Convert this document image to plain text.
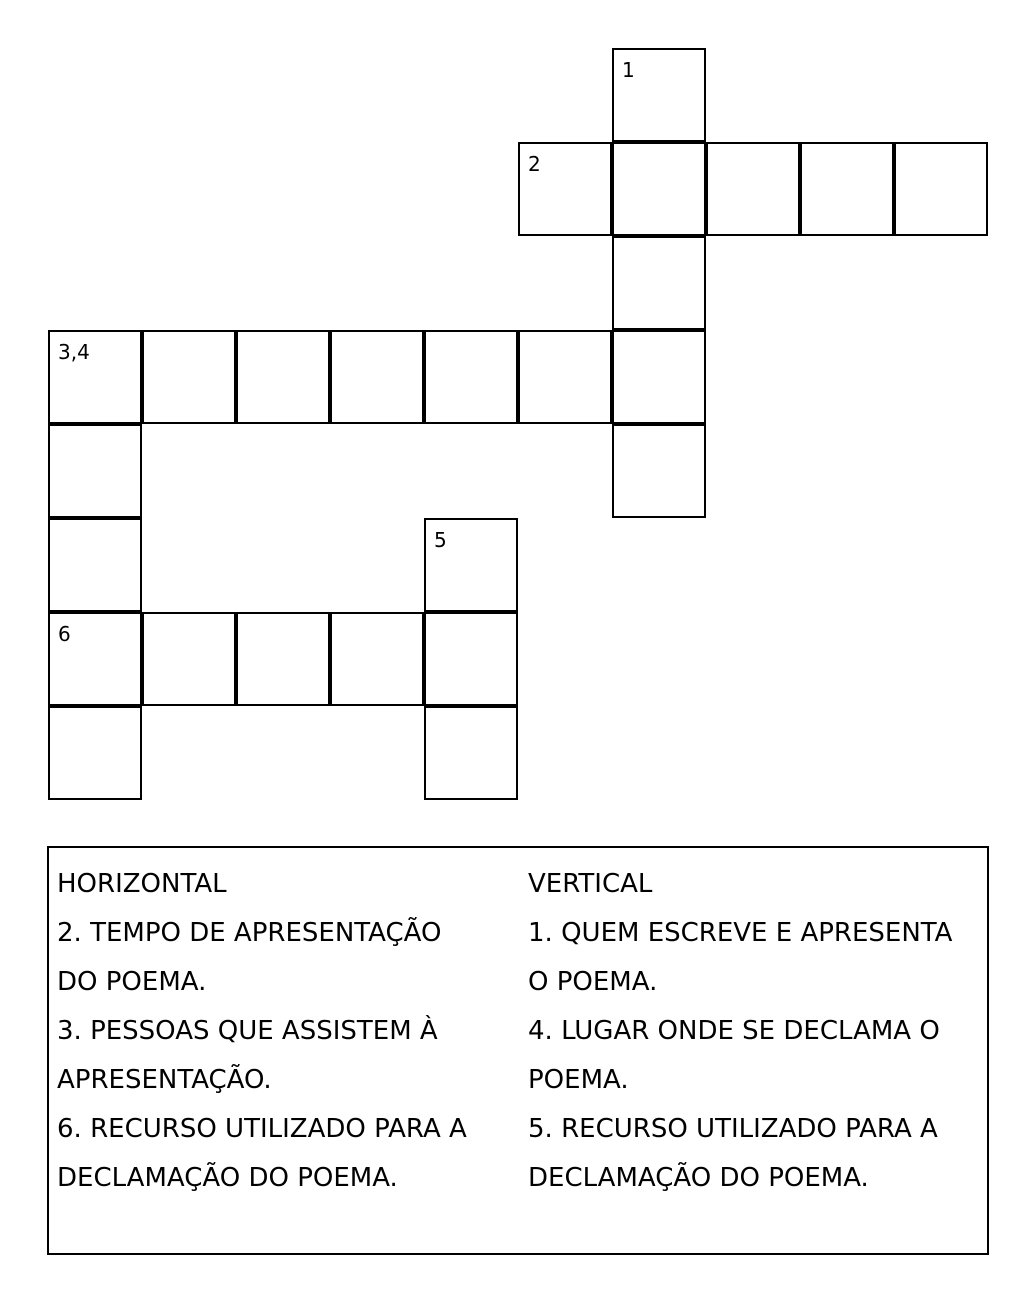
1
2
3,4
5
6
HORIZONTAL
2. TEMPO DE APRESENTAÇÃO
DO POEMA.
3. PESSOAS QUE ASSISTEM À
APRESENTAÇÃO.
6. RECURSO UTILIZADO PARA A
DECLAMAÇÃO DO POEMA.
VERTICAL
1. QUEM ESCREVE E APRESENTA
O POEMA.
4. LUGAR ONDE SE DECLAMA O
POEMA.
5. RECURSO UTILIZADO PARA A
DECLAMAÇÃO DO POEMA.
